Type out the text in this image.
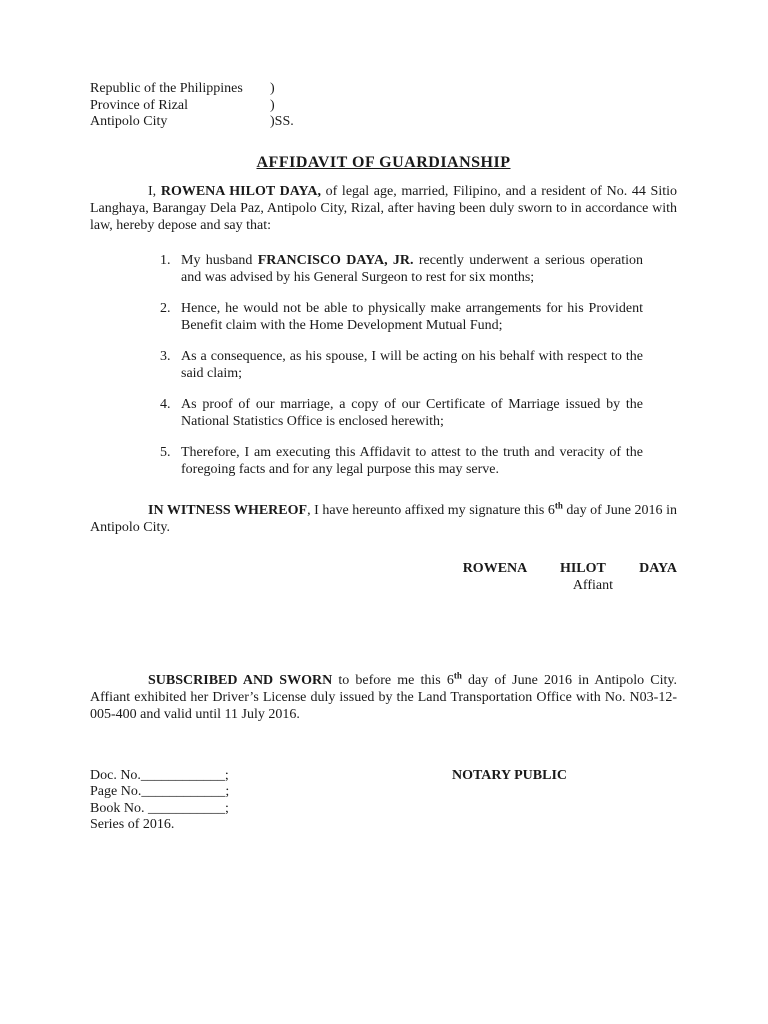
Republic of the Philippines	)
Province of Rizal	)
Antipolo City	)SS.
AFFIDAVIT OF GUARDIANSHIP

I, ROWENA HILOT DAYA, of legal age, married, Filipino, and a resident of No. 44 Sitio Langhaya, Barangay Dela Paz, Antipolo City, Rizal, after having been duly sworn to in accordance with law, hereby depose and say that:

1. My husband FRANCISCO DAYA, JR. recently underwent a serious operation and was advised by his General Surgeon to rest for six months;
2. Hence, he would not be able to physically make arrangements for his Provident Benefit claim with the Home Development Mutual Fund;
3. As a consequence, as his spouse, I will be acting on his behalf with respect to the said claim;
4. As proof of our marriage, a copy of our Certificate of Marriage issued by the National Statistics Office is enclosed herewith;
5. Therefore, I am executing this Affidavit to attest to the truth and veracity of the foregoing facts and for any legal purpose this may serve.

IN WITNESS WHEREOF, I have hereunto affixed my signature this 6th day of June 2016 in Antipolo City.

ROWENA HILOT DAYA
Affiant

SUBSCRIBED AND SWORN to before me this 6th day of June 2016 in Antipolo City. Affiant exhibited her Driver’s License duly issued by the Land Transportation Office with No. N03-12-005-400 and valid until 11 July 2016.

Doc. No.____________;
Page No.____________;
Book No. ___________;
Series of 2016.
NOTARY PUBLIC
